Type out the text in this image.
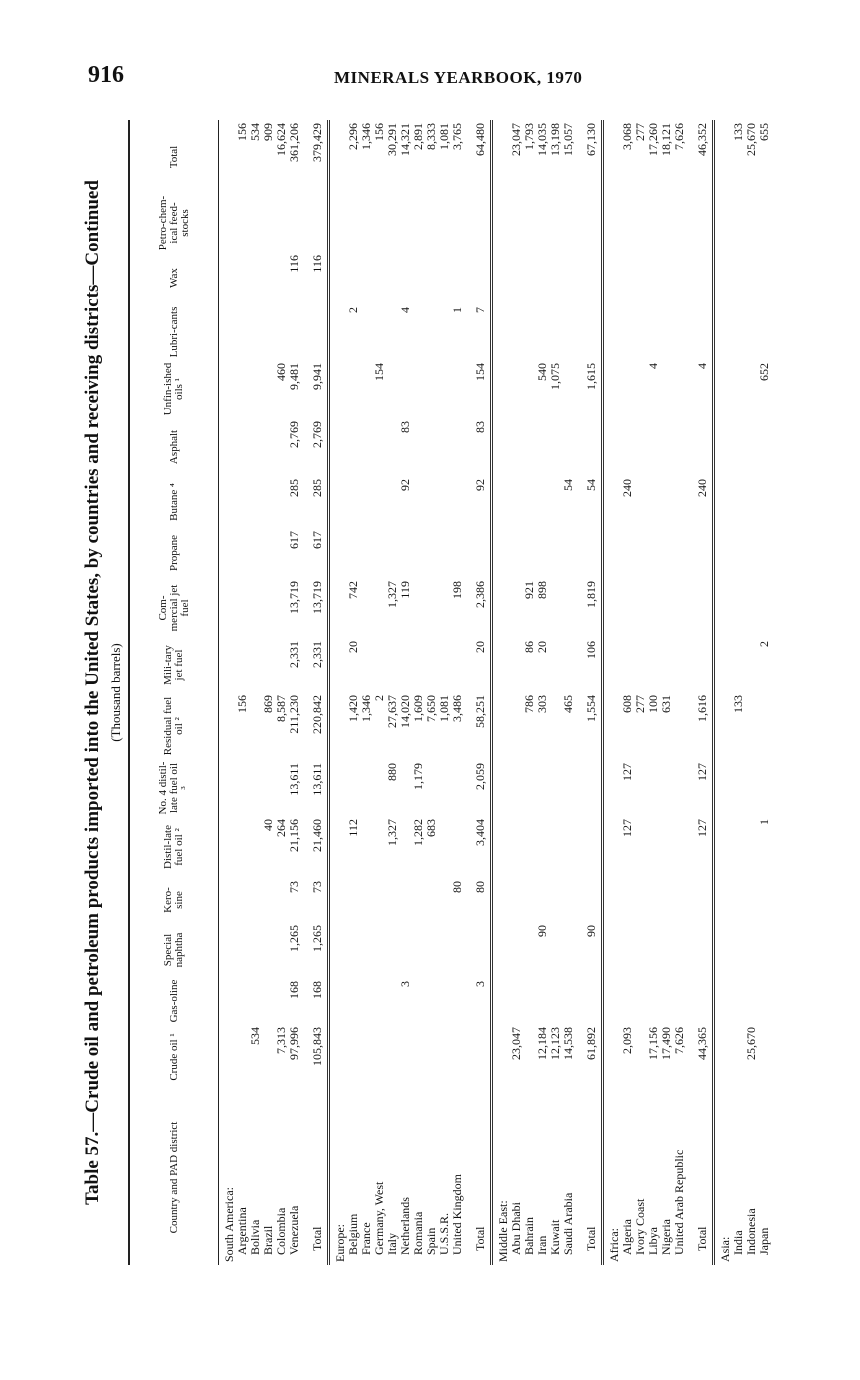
916	MINERALS YEARBOOK, 1970
Table 57.—Crude oil and petroleum products imported into the United States, by countries and receiving districts—Continued (Thousand barrels)
Country and PAD district	Crude oil ¹	Gas-oline	Special naphtha	Kero-sine	Distil-late fuel oil ²	No. 4 distil-late fuel oil ³	Residual fuel oil ²	Mili-tary jet fuel	Com-mercial jet fuel	Propane	Butane ⁴	Asphalt	Unfin-ished oils ¹	Lubri-cants	Wax	Petro-chem-ical feed-stocks	Total
South America:																	
Argentina							156										156
Bolivia	534																534
Brazil					40		869										909
Colombia	7,313				264		8,587						460				16,624
Venezuela	97,996	168	1,265	73	21,156	13,611	211,230	2,331	13,719	617	285	2,769	9,481		116		361,206
Total	105,843	168	1,265	73	21,460	13,611	220,842	2,331	13,719	617	285	2,769	9,941		116		379,429
Europe:																	
Belgium					112		1,420	20	742					2			2,296
France							1,346										1,346
Germany, West							2						154				156
Italy					1,327	880	27,637		1,327								30,291
Netherlands		3					14,020		119		92	83		4			14,321
Romania					1,282	1,179	1,609										2,891
Spain					683		7,650										8,333
U.S.S.R.							1,081										1,081
United Kingdom				80			3,486		198					1			3,765
Total		3		80	3,404	2,059	58,251	20	2,386		92	83	154	7			64,480
Middle East:																	
Abu Dhabi	23,047																23,047
Bahrain							786	86	921								1,793
Iran	12,184		90				303	20	898				540				14,035
Kuwait	12,123												1,075				13,198
Saudi Arabia	14,538						465				54						15,057
Total	61,892		90				1,554	106	1,819		54		1,615				67,130
Africa:																	
Algeria	2,093				127	127	608				240						3,068
Ivory Coast							277										277
Libya	17,156						100						4				17,260
Nigeria	17,490						631										18,121
United Arab Republic	7,626																7,626
Total	44,365				127	127	1,616				240		4				46,352
Asia:																	
India							133										133
Indonesia	25,670																25,670
Japan					1			2					652				655
